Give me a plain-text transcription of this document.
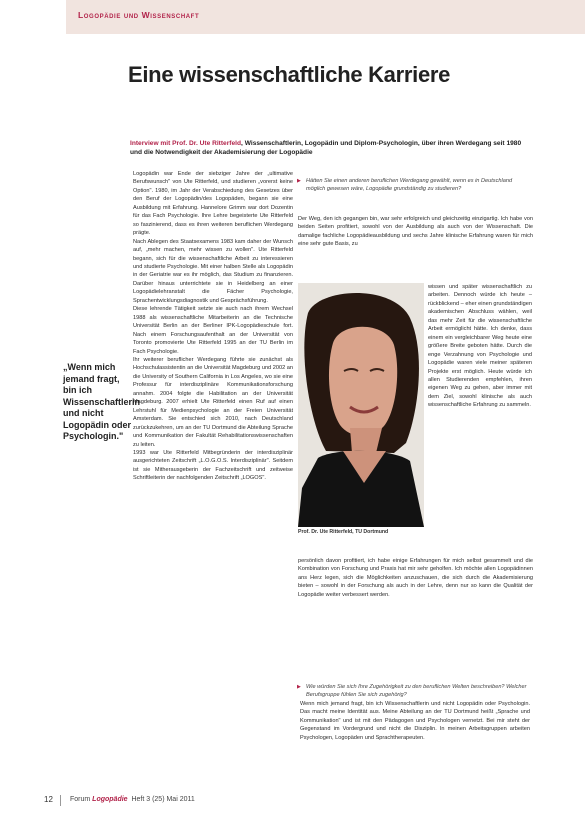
Logopädie und Wissenschaft
Eine wissenschaftliche Karriere

Interview mit Prof. Dr. Ute Ritterfeld, Wissenschaftlerin, Logopädin und Diplom-Psychologin, über ihren Werdegang seit 1980 und die Notwendigkeit der Akademisierung der Logopädie

„Wenn mich jemand fragt, bin ich Wissenschaftlerin und nicht Logopädin oder Psychologin."

Logopädin war Ende der siebziger Jahre der „ultimative Berufswunsch" von Ute Ritterfeld, und studieren „vorerst keine Option". 1980, im Jahr der Verabschiedung des Gesetzes über den Beruf der Logopädin/des Logopäden, begann sie eine Ausbildung mit Erfahrung. Hannelore Grimm war dort Dozentin für das Fach Psychologie. Ihre Lehre begeisterte Ute Ritterfeld so faszinierend, dass es ihren weiteren beruflichen Werdegang prägte.

Nach Ablegen des Staatsexamens 1983 kam daher der Wunsch auf, „mehr machen, mehr wissen zu wollen". Ute Ritterfeld begann, sich für die wissenschaftliche Arbeit zu interessieren und studierte Psychologie. Mit einer halben Stelle als Logopädin in der Geriatrie war es ihr möglich, das Studium zu finanzieren. Darüber hinaus unterrichtete sie in Heidelberg an einer Logopädielehranstalt die Fächer Psychologie, Sprachentwicklungsdiagnostik und Gesprächsführung.

Diese lehrende Tätigkeit setzte sie auch nach ihrem Wechsel 1988 als wissenschaftliche Mitarbeiterin an die Technische Universität Berlin an der Berliner IPK-Logopädieschule fort. Nach einem Forschungsaufenthalt an der Universität von Toronto promovierte Ute Ritterfeld 1995 an der TU Berlin im Fach Psychologie.

Ihr weiterer beruflicher Werdegang führte sie zunächst als Hochschulassistentin an die Universität Magdeburg und 2002 an die University of Southern California in Los Angeles, wo sie eine Professur für interdisziplinäre Kommunikationsforschung annahm. 2004 folgte die Habilitation an der Universität Magdeburg. 2007 erhielt Ute Ritterfeld einen Ruf auf einen Lehrstuhl für Medienpsychologie an der Freien Universität Amsterdam. Sie entschied sich 2010, nach Deutschland zurückzukehren, um an der TU Dortmund die Abteilung Sprache und Kommunikation der Fakultät Rehabilitationswissenschaften zu leiten.

1993 war Ute Ritterfeld Mitbegründerin der interdisziplinär ausgerichteten Zeitschrift „L.O.G.O.S. Interdisziplinär". Seitdem ist sie Mitherausgeberin der Fachzeitschrift und zeitweise Schriftleiterin der nachfolgenden Zeitschrift „LOGOS".

▶ Hätten Sie einen anderen beruflichen Werdegang gewählt, wenn es in Deutschland möglich gewesen wäre, Logopädie grundständig zu studieren?

Der Weg, den ich gegangen bin, war sehr erfolgreich und gleichzeitig einzigartig. Ich habe von beiden Seiten profitiert, sowohl von der Ausbildung als auch von der Wissenschaft. Die damalige fachliche Logopädieausbildung und sechs Jahre klinische Erfahrung waren für mich eine sehr gute Basis, zu

Prof. Dr. Ute Ritterfeld, TU Dortmund

wissen und später wissenschaftlich zu arbeiten. Dennoch würde ich heute – rückblickend – eher einen grundständigen akademischen Abschluss wählen, weil das mehr Zeit für die wissenschaftliche Arbeit ermöglicht hätte. Ich denke, dass einem ein vergleichbarer Weg heute eine größere Breite geboten hätte. Durch die enge Verzahnung von Psychologie und Logopädie waren viele meiner späteren Projekte erst möglich. Heute würde ich allen Studierenden empfehlen, ihren eigenen Weg zu gehen, aber immer mit dem Ziel, sowohl klinische als auch wissenschaftliche Erfahrung zu sammeln.

persönlich davon profitiert, ich habe einige Erfahrungen für mich selbst gesammelt und die Kombination von Forschung und Praxis hat mir sehr geholfen. Ich möchte allen Logopädinnen ans Herz legen, sich die Möglichkeiten anzuschauen, die sich durch die Akademisierung bieten – sowohl in der Forschung als auch in der Lehre, denn nur so kann die Qualität der Logopädie weiter verbessert werden.

▶ Wie würden Sie sich Ihre Zugehörigkeit zu den beruflichen Welten beschreiben? Welcher Berufsgruppe fühlen Sie sich zugehörig?

Wenn mich jemand fragt, bin ich Wissenschaftlerin und nicht Logopädin oder Psychologin. Das macht meine Identität aus. Meine Abteilung an der TU Dortmund heißt „Sprache und Kommunikation" und ist mit den Pädagogen und Psychologen vernetzt. Bei mir steht der Gegenstand im Vordergrund und nicht die Disziplin. In meinen Arbeitsgruppen arbeiten Psychologen, Logopäden und Sprachtherapeuten.

12 Forum Logopädie Heft 3 (25) Mai 2011
